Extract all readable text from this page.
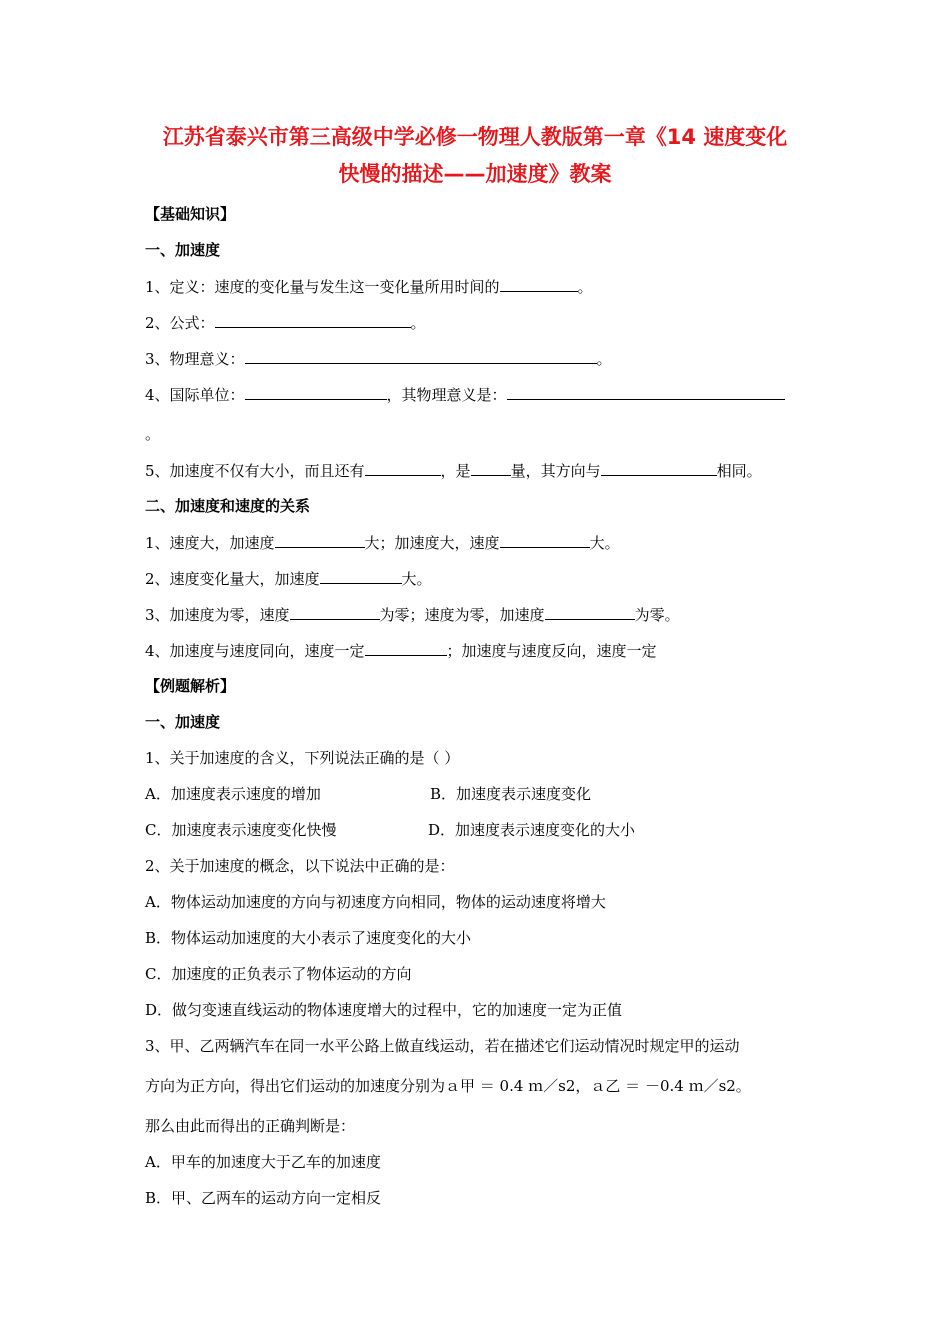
江苏省泰兴市第三高级中学必修一物理人教版第一章《14 速度变化
快慢的描述——加速度》教案
【基础知识】
一、加速度
1、定义：速度的变化量与发生这一变化量所用时间的	。
2、公式：	。
3、物理意义：	。
4、国际单位：	，其物理意义是：
。
5、加速度不仅有大小，而且还有	，是	量，其方向与	相同。
二、加速度和速度的关系
1、速度大，加速度	大；加速度大，速度	大。
2、速度变化量大，加速度	大。
3、加速度为零，速度	为零；速度为零，加速度	为零。
4、加速度与速度同向，速度一定	；加速度与速度反向，速度一定
【例题解析】
一、加速度
1、关于加速度的含义，下列说法正确的是（ ）
A．加速度表示速度的增加	B．加速度表示速度变化
C．加速度表示速度变化快慢	D．加速度表示速度变化的大小
2、关于加速度的概念，以下说法中正确的是：
A．物体运动加速度的方向与初速度方向相同，物体的运动速度将增大
B．物体运动加速度的大小表示了速度变化的大小
C．加速度的正负表示了物体运动的方向
D．做匀变速直线运动的物体速度增大的过程中，它的加速度一定为正值
3、甲、乙两辆汽车在同一水平公路上做直线运动，若在描述它们运动情况时规定甲的运动
方向为正方向，得出它们运动的加速度分别为ａ甲 ＝ 0.4 ｍ／s2，ａ乙 ＝ －0.4 ｍ／s2。
那么由此而得出的正确判断是：
A．甲车的加速度大于乙车的加速度
B．甲、乙两车的运动方向一定相反
